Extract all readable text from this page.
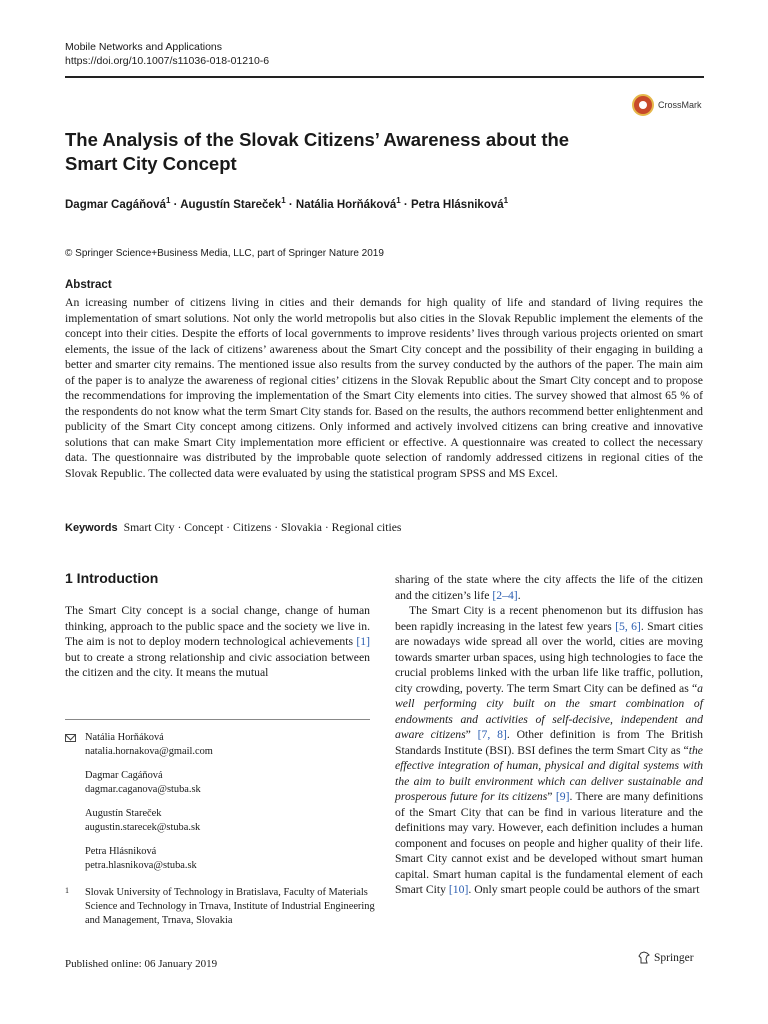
Mobile Networks and Applications
https://doi.org/10.1007/s11036-018-01210-6
CrossMark
The Analysis of the Slovak Citizens’ Awareness about the Smart City Concept
Dagmar Cagáňová$^1$ · Augustín Stareček$^1$ · Natália Horňáková$^1$ · Petra Hlásniková$^1$
© Springer Science+Business Media, LLC, part of Springer Nature 2019
Abstract

An icreasing number of citizens living in cities and their demands for high quality of life and standard of living requires the implementation of smart solutions. Not only the world metropolis but also cities in the Slovak Republic implement the elements of the concept into their cities. Despite the efforts of local governments to improve residents’ lives through various projects oriented on smart elements, the issue of the lack of citizens’ awareness about the Smart City concept and the possibility of their engaging in building a better and smarter city remains. The mentioned issue also results from the survey conducted by the authors of the paper. The main aim of the paper is to analyze the awareness of regional cities’ citizens in the Slovak Republic about the Smart City concept and to propose the recommendations for improving the implementation of the Smart City elements into cities. The survey showed that almost 65 % of the respondents do not know what the term Smart City stands for. Based on the results, the authors recommend better enlightenment and publicity of the Smart City concept among citizens. Only informed and actively involved citizens can bring creative and innovative solutions that can make Smart City implementation more efficient or effective. A questionnaire was created to collect the necessary data. The questionnaire was distributed by the improbable quote selection of randomly addressed citizens in regional cities of the Slovak Republic. The collected data were evaluated by using the statistical program SPSS and MS Excel.

Keywords Smart City · Concept · Citizens · Slovakia · Regional cities
1 Introduction

The Smart City concept is a social change, change of human thinking, approach to the public space and the society we live in. The aim is not to deploy modern technological achievements [1] but to create a strong relationship and civic association between the citizen and the city. It means the mutual

sharing of the state where the city affects the life of the citizen and the citizen’s life [2–4].

The Smart City is a recent phenomenon but its diffusion has been rapidly increasing in the latest few years [5, 6]. Smart cities are nowadays wide spread all over the world, cities are moving towards smarter urban spaces, using high technologies to face the crucial problems linked with the urban life like traffic, pollution, city crowding, poverty. The term Smart City can be defined as “a well performing city built on the smart combination of endowments and activities of self-decisive, independent and aware citizens” [7, 8]. Other definition is from The British Standards Institute (BSI). BSI defines the term Smart City as “the effective integration of human, physical and digital systems with the aim to built environment which can deliver sustainable and prosperous future for its citizens” [9]. There are many definitions of the Smart City that can be find in various literature and the definitions may vary. However, each definition includes a human component and focuses on people and higher quality of their life. Smart City cannot exist and be developed without smart human capital. Smart human capital is the fundamental element of each Smart City [10]. Only smart people could be authors of the smart

Natália Horňáková
natalia.hornakova@gmail.com
Dagmar Cagáňová
dagmar.caganova@stuba.sk
Augustín Stareček
augustin.starecek@stuba.sk
Petra Hlásniková
petra.hlasnikova@stuba.sk
1 Slovak University of Technology in Bratislava, Faculty of Materials Science and Technology in Trnava, Institute of Industrial Engineering and Management, Trnava, Slovakia
Published online: 06 January 2019
Springer
